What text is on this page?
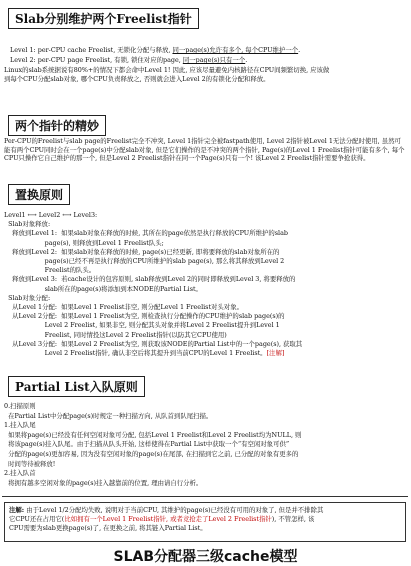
Slab分别维护两个Freelist指针
Level 1: per-CPU cache Freelist, 无锁化分配与释放, 同一page(s)允许有多个, 每个CPU维护一个.
Level 2: per-CPU page Freelist, 有锁, 锁住对应的page, 同一page(s)只有一个.
Linux的slab系统据说有80%+的情况下都会命中Level 1! 因此, 应该尽量避免内核路径在CPU间频繁切换, 应该做
到每个CPU分配slab对象, 哪个CPU负责释放之, 否则就会进入Level 2的有锁化分配和释放。
两个指针的精妙
Per-CPU的Freelist与slab page的Freelist完全不冲突, Level 1指针完全被fastpath使用, Level 2指针被Level 1无法分配时使用, 虽然可能有两个CPU同时会在一个page(s)中分配slab对象, 但是它们操作的是不冲突的两个指针, Page(s)的Level 1 Freelist指针可能有多个, 每个CPU只操作它自己维护的那一个, 但是Level 2 Freelist指针在同一个Page(s)只有一个! 该Level 2 Freelist指针需要争抢获得。
置换原则
Level1 ⟷ Level2 ⟷ Level3:
Slab对象释放:
释放到Level 1:  如果slab对象在释放的时候, 其所在的page依然是执行释放的CPU所维护的slab
page(s), 则释放到Level 1 Freelist队头;
释放到Level 2:  如果slab对象在释放的时候, page(s)已经更新, 即将要释放的slab对象所在的
page(s)已经不再是执行释放的CPU所维护的slab page(s), 那么将其释放到Level 2
Freelist的队头。
释放到Level 3:  若cache设计的包容原则, slab释放到Level 2的同时即释放到Level 3, 将要释放的
slab所在的page(s)将添加到本NODE的Partial List。
Slab对象分配:
从Level 1分配:  如果Level 1 Freelist非空, 则分配Level 1 Freelist对头对象。
从Level 2分配:  如果Level 1 Freelist为空, 则检查执行分配操作的CPU维护的slab page(s)的
Level 2 Freelist, 如果非空, 则分配其头对象并将Level 2 Freelist提升到Level 1
Freelist, 同时情投这Level 2 Freelist指针(以防其它CPU使用)
从Level 3分配:  如果Level 2 Freelist为空, 则获取该NODE的Partial List中的一个page(s), 获取其
Level 2 Freelist指针, 确认非空后将其提升到当前CPU的Level 1 Freelist。[注解]
Partial List入队原则
0.扫描原则
在Partial List中分配page(s)时规定一种扫描方向, 从队首到队尾扫描。
1.挂入队尾
如果将page(s)已经没有任何空闲对象可分配, 包括Level 1 Freelist和Level 2 Freelist均为NULL, 则
将该page(s)挂入队尾。由于扫描从队头开始, 这样使得在Partial List中获取一个“有空闲对象可供”
分配的page(s)更加容易, 因为没有空闲对象的page(s)在尾部, 在扫描到它之前, 已分配的对象有更多的
时间等待被释放!
2.挂入队首
将拥有越多空闲对象的page(s)挂入越靠前的位置, 理由请自行分析。
注解: 由于Level 1/2分配均失败, 说明对于当前CPU, 其维护的page(s)已经没有可用的对象了, 但是并不排除其
它CPU还在占用它(比如拥有一个Level 1 Freelist指针, 或者竞抢走了Level 2 Freelist指针), 不管怎样, 该
CPU需要为slab更换page(s)了, 在更换之前, 将其链入Partial List。
SLAB分配器三级cache模型
